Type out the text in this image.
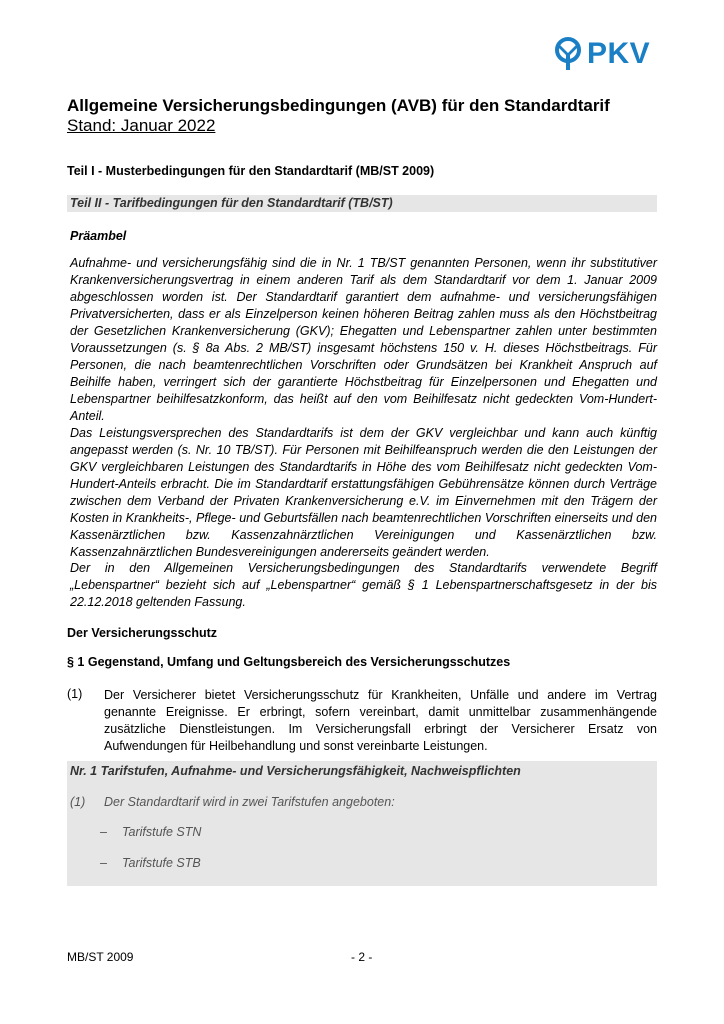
PKV
Allgemeine Versicherungsbedingungen (AVB) für den Standardtarif
Stand: Januar 2022
Teil I - Musterbedingungen für den Standardtarif (MB/ST 2009)
Teil II - Tarifbedingungen für den Standardtarif (TB/ST)
Präambel
Aufnahme- und versicherungsfähig sind die in Nr. 1 TB/ST genannten Personen, wenn ihr substitutiver Krankenversicherungsvertrag in einem anderen Tarif als dem Standardtarif vor dem 1. Januar 2009 abgeschlossen worden ist. Der Standardtarif garantiert dem aufnahme- und versicherungsfähigen Privatversicherten, dass er als Einzelperson keinen höheren Beitrag zahlen muss als den Höchstbeitrag der Gesetzlichen Krankenversicherung (GKV); Ehegatten und Lebenspartner zahlen unter bestimmten Voraussetzungen (s. § 8a Abs. 2 MB/ST) insgesamt höchstens 150 v. H. dieses Höchstbeitrags. Für Personen, die nach beamtenrechtlichen Vorschriften oder Grundsätzen bei Krankheit Anspruch auf Beihilfe haben, verringert sich der garantierte Höchstbeitrag für Einzelpersonen und Ehegatten und Lebenspartner beihilfesatzkonform, das heißt auf den vom Beihilfesatz nicht gedeckten Vom-Hundert-Anteil.
Das Leistungsversprechen des Standardtarifs ist dem der GKV vergleichbar und kann auch künftig angepasst werden (s. Nr. 10 TB/ST). Für Personen mit Beihilfeanspruch werden die den Leistungen der GKV vergleichbaren Leistungen des Standardtarifs in Höhe des vom Beihilfesatz nicht gedeckten Vom-Hundert-Anteils erbracht. Die im Standardtarif erstattungsfähigen Gebührensätze können durch Verträge zwischen dem Verband der Privaten Krankenversicherung e.V. im Einvernehmen mit den Trägern der Kosten in Krankheits-, Pflege- und Geburtsfällen nach beamtenrechtlichen Vorschriften einerseits und den Kassenärztlichen bzw. Kassenzahnärztlichen Vereinigungen und Kassenärztlichen bzw. Kassenzahnärztlichen Bundesvereinigungen andererseits geändert werden.
Der in den Allgemeinen Versicherungsbedingungen des Standardtarifs verwendete Begriff „Lebenspartner“ bezieht sich auf „Lebenspartner“ gemäß § 1 Lebenspartnerschaftsgesetz in der bis 22.12.2018 geltenden Fassung.
Der Versicherungsschutz
§ 1 Gegenstand, Umfang und Geltungsbereich des Versicherungsschutzes
(1) Der Versicherer bietet Versicherungsschutz für Krankheiten, Unfälle und andere im Vertrag genannte Ereignisse. Er erbringt, sofern vereinbart, damit unmittelbar zusammenhängende zusätzliche Dienstleistungen. Im Versicherungsfall erbringt der Versicherer Ersatz von Aufwendungen für Heilbehandlung und sonst vereinbarte Leistungen.
Nr. 1 Tarifstufen, Aufnahme- und Versicherungsfähigkeit, Nachweispflichten
(1) Der Standardtarif wird in zwei Tarifstufen angeboten:
– Tarifstufe STN
– Tarifstufe STB
MB/ST 2009	- 2 -
